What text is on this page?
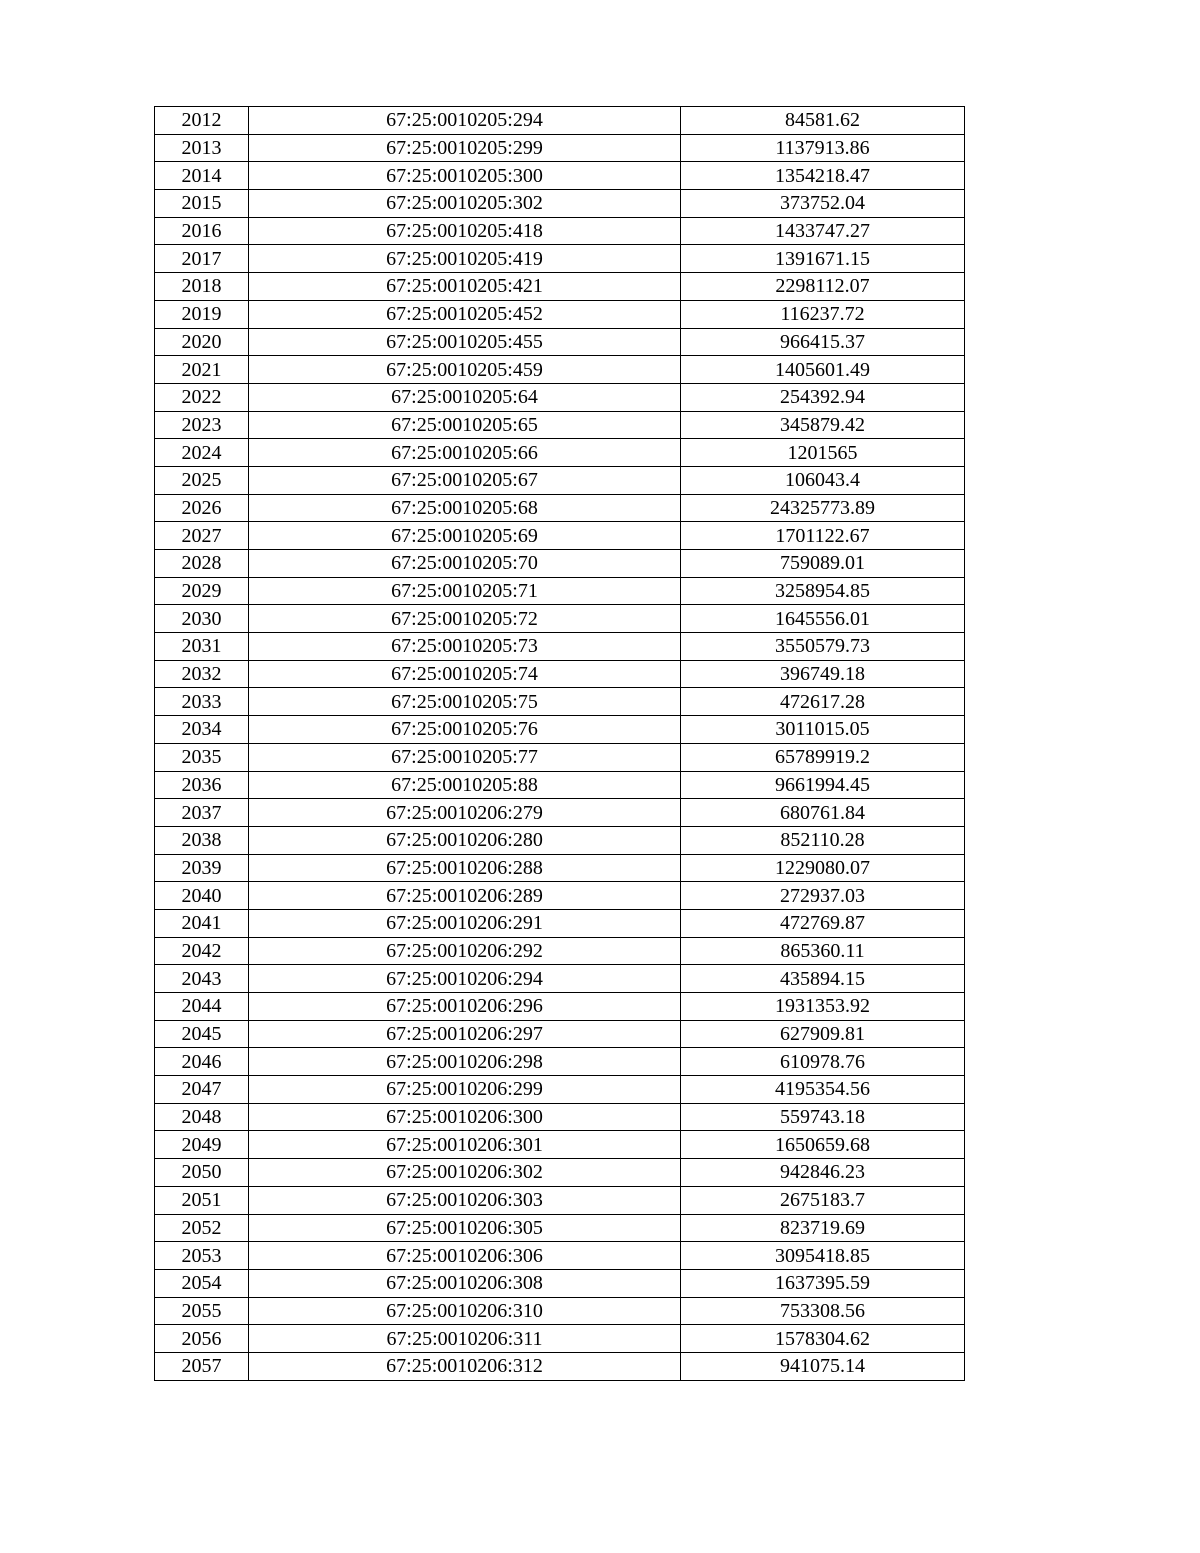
2012	67:25:0010205:294	84581.62
2013	67:25:0010205:299	1137913.86
2014	67:25:0010205:300	1354218.47
2015	67:25:0010205:302	373752.04
2016	67:25:0010205:418	1433747.27
2017	67:25:0010205:419	1391671.15
2018	67:25:0010205:421	2298112.07
2019	67:25:0010205:452	116237.72
2020	67:25:0010205:455	966415.37
2021	67:25:0010205:459	1405601.49
2022	67:25:0010205:64	254392.94
2023	67:25:0010205:65	345879.42
2024	67:25:0010205:66	1201565
2025	67:25:0010205:67	106043.4
2026	67:25:0010205:68	24325773.89
2027	67:25:0010205:69	1701122.67
2028	67:25:0010205:70	759089.01
2029	67:25:0010205:71	3258954.85
2030	67:25:0010205:72	1645556.01
2031	67:25:0010205:73	3550579.73
2032	67:25:0010205:74	396749.18
2033	67:25:0010205:75	472617.28
2034	67:25:0010205:76	3011015.05
2035	67:25:0010205:77	65789919.2
2036	67:25:0010205:88	9661994.45
2037	67:25:0010206:279	680761.84
2038	67:25:0010206:280	852110.28
2039	67:25:0010206:288	1229080.07
2040	67:25:0010206:289	272937.03
2041	67:25:0010206:291	472769.87
2042	67:25:0010206:292	865360.11
2043	67:25:0010206:294	435894.15
2044	67:25:0010206:296	1931353.92
2045	67:25:0010206:297	627909.81
2046	67:25:0010206:298	610978.76
2047	67:25:0010206:299	4195354.56
2048	67:25:0010206:300	559743.18
2049	67:25:0010206:301	1650659.68
2050	67:25:0010206:302	942846.23
2051	67:25:0010206:303	2675183.7
2052	67:25:0010206:305	823719.69
2053	67:25:0010206:306	3095418.85
2054	67:25:0010206:308	1637395.59
2055	67:25:0010206:310	753308.56
2056	67:25:0010206:311	1578304.62
2057	67:25:0010206:312	941075.14
